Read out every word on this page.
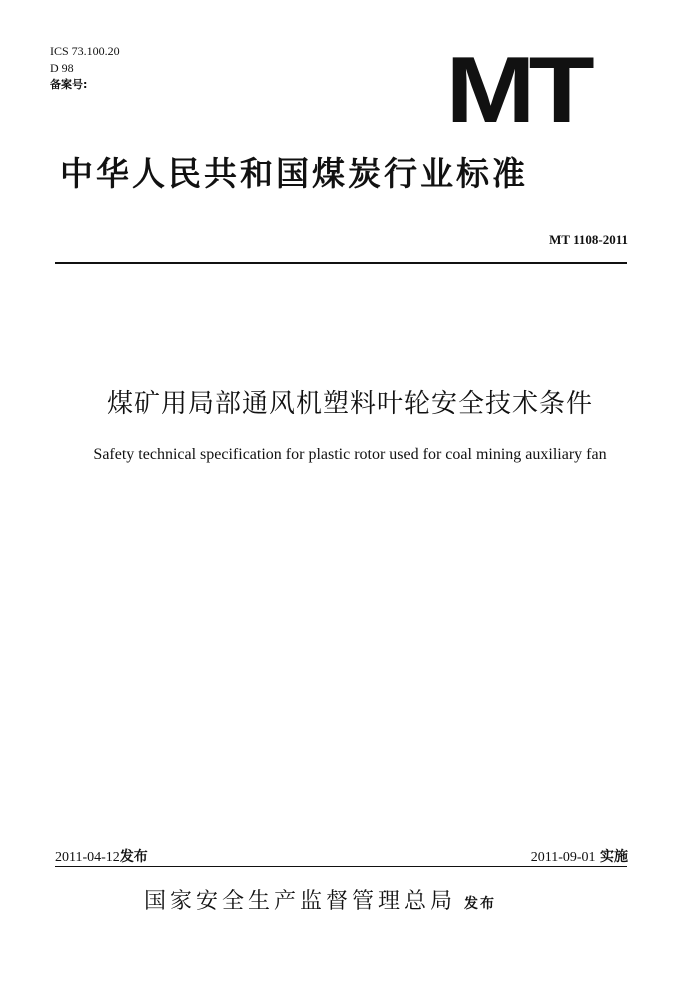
ICS 73.100.20
D 98
备案号:	MT
中华人民共和国煤炭行业标准
MT 1108-2011
煤矿用局部通风机塑料叶轮安全技术条件
Safety technical specification for plastic rotor used for coal mining auxiliary fan
2011-04-12发布	2011-09-01 实施
国家安全生产监督管理总局 发布
